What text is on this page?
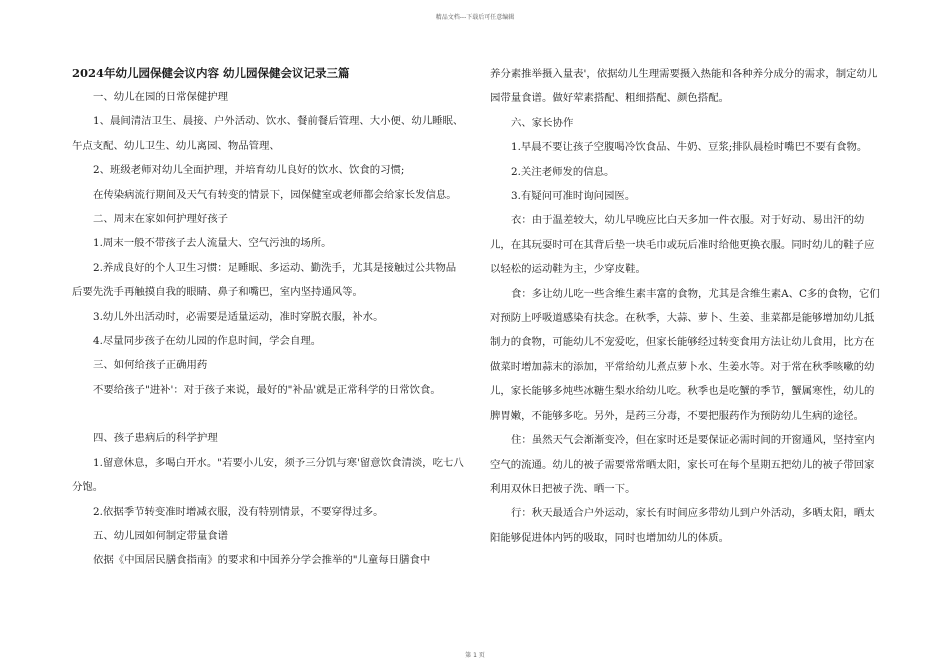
精品文档---下载后可任意编辑
2024年幼儿园保健会议内容 幼儿园保健会议记录三篇

一、幼儿在园的日常保健护理

1、晨间清洁卫生、晨接、户外活动、饮水、餐前餐后管理、大小便、幼儿睡眠、午点支配、幼儿卫生、幼儿离园、物品管理、

2、班级老师对幼儿全面护理，并培育幼儿良好的饮水、饮食的习惯;

在传染病流行期间及天气有转变的情景下，园保健室或老师都会给家长发信息。

二、周末在家如何护理好孩子

1.周末一般不带孩子去人流量大、空气污浊的场所。

2.养成良好的个人卫生习惯：足睡眠、多运动、勤洗手，尤其是接触过公共物品后要先洗手再触摸自我的眼睛、鼻子和嘴巴，室内坚持通风等。

3.幼儿外出活动时，必需要是适量运动，准时穿脱衣服，补水。

4.尽量同步孩子在幼儿园的作息时间，学会自理。

三、如何给孩子正确用药

不要给孩子"进补'：对于孩子来说，最好的"补品'就是正常科学的日常饮食。

四、孩子患病后的科学护理

1.留意休息，多喝白开水。"若要小儿安，须予三分饥与寒'留意饮食清淡，吃七八分饱。

2.依据季节转变准时增减衣服，没有特别情景，不要穿得过多。

五、幼儿园如何制定带量食谱

依据《中国居民膳食指南》的要求和中国养分学会推举的"儿童每日膳食中

养分素推举摄入量表'，依据幼儿生理需要摄入热能和各种养分成分的需求，制定幼儿园带量食谱。做好荤素搭配、粗细搭配、颜色搭配。

六、家长协作

1.早晨不要让孩子空腹喝冷饮食品、牛奶、豆浆;排队晨检时嘴巴不要有食物。

2.关注老师发的信息。

3.有疑问可准时询问园医。

衣：由于温差较大，幼儿早晚应比白天多加一件衣服。对于好动、易出汗的幼儿，在其玩耍时可在其背后垫一块毛巾或玩后准时给他更换衣服。同时幼儿的鞋子应以轻松的运动鞋为主，少穿皮鞋。

食：多让幼儿吃一些含维生素丰富的食物，尤其是含维生素A、C多的食物，它们对预防上呼吸道感染有扶念。在秋季，大蒜、萝卜、生姜、韭菜都是能够增加幼儿抵制力的食物，可能幼儿不宠爱吃，但家长能够经过转变食用方法让幼儿食用，比方在做菜时增加蒜末的添加，平常给幼儿煮点萝卜水、生姜水等。对于常在秋季咳嗽的幼儿，家长能够多炖些冰糖生梨水给幼儿吃。秋季也是吃蟹的季节，蟹属寒性，幼儿的脾胃嫩，不能够多吃。另外，是药三分毒，不要把服药作为预防幼儿生病的途径。

住：虽然天气会渐渐变冷，但在家时还是要保证必需时间的开窗通风，坚持室内空气的流通。幼儿的被子需要常常晒太阳，家长可在每个星期五把幼儿的被子带回家利用双休日把被子洗、晒一下。

行：秋天最适合户外运动，家长有时间应多带幼儿到户外活动，多晒太阳，晒太阳能够促进体内钙的吸取，同时也增加幼儿的体质。

第 1 页
